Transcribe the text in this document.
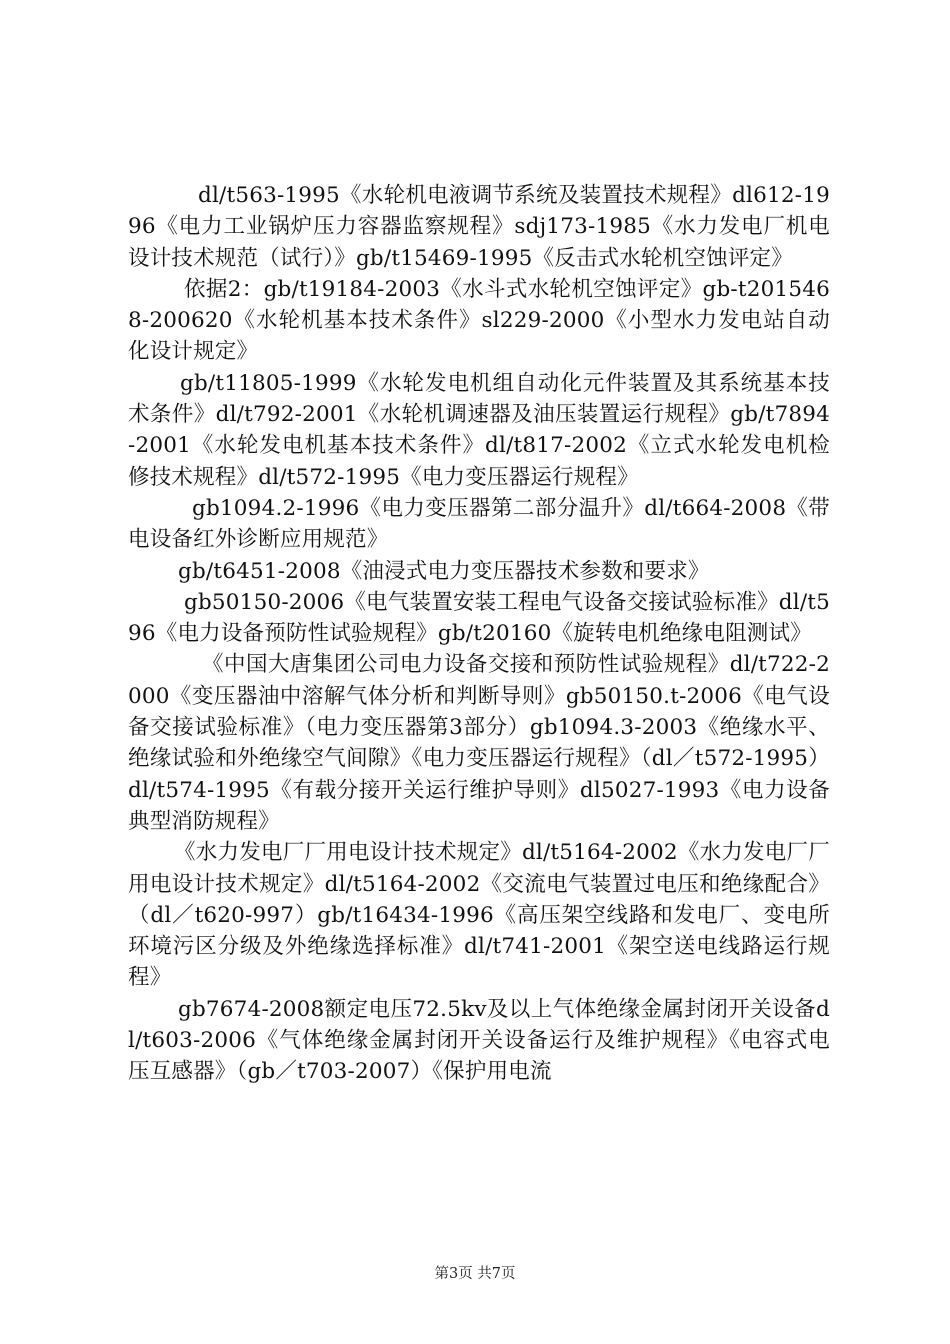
dl/t563-1995《水轮机电液调节系统及装置技术规程》dl612-1996《电力工业锅炉压力容器监察规程》sdj173-1985《水力发电厂机电设计技术规范（试行）》gb/t15469-1995《反击式水轮机空蚀评定》

依据2：gb/t19184-2003《水斗式水轮机空蚀评定》gb-t2015468-200620《水轮机基本技术条件》sl229-2000《小型水力发电站自动化设计规定》

gb/t11805-1999《水轮发电机组自动化元件装置及其系统基本技术条件》dl/t792-2001《水轮机调速器及油压装置运行规程》gb/t7894-2001《水轮发电机基本技术条件》dl/t817-2002《立式水轮发电机检修技术规程》dl/t572-1995《电力变压器运行规程》

gb1094.2-1996《电力变压器第二部分温升》dl/t664-2008《带电设备红外诊断应用规范》

gb/t6451-2008《油浸式电力变压器技术参数和要求》

gb50150-2006《电气装置安装工程电气设备交接试验标准》dl/t596《电力设备预防性试验规程》gb/t20160《旋转电机绝缘电阻测试》

《中国大唐集团公司电力设备交接和预防性试验规程》dl/t722-2000《变压器油中溶解气体分析和判断导则》gb50150.t-2006《电气设备交接试验标准》（电力变压器第3部分）gb1094.3-2003《绝缘水平、绝缘试验和外绝缘空气间隙》《电力变压器运行规程》（dl／t572-1995）dl/t574-1995《有载分接开关运行维护导则》dl5027-1993《电力设备典型消防规程》

《水力发电厂厂用电设计技术规定》dl/t5164-2002《水力发电厂厂用电设计技术规定》dl/t5164-2002《交流电气装置过电压和绝缘配合》（dl／t620-997）gb/t16434-1996《高压架空线路和发电厂、变电所环境污区分级及外绝缘选择标准》dl/t741-2001《架空送电线路运行规程》

gb7674-2008额定电压72.5kv及以上气体绝缘金属封闭开关设备dl/t603-2006《气体绝缘金属封闭开关设备运行及维护规程》《电容式电压互感器》（gb／t703-2007）《保护用电流

第3页 共7页
